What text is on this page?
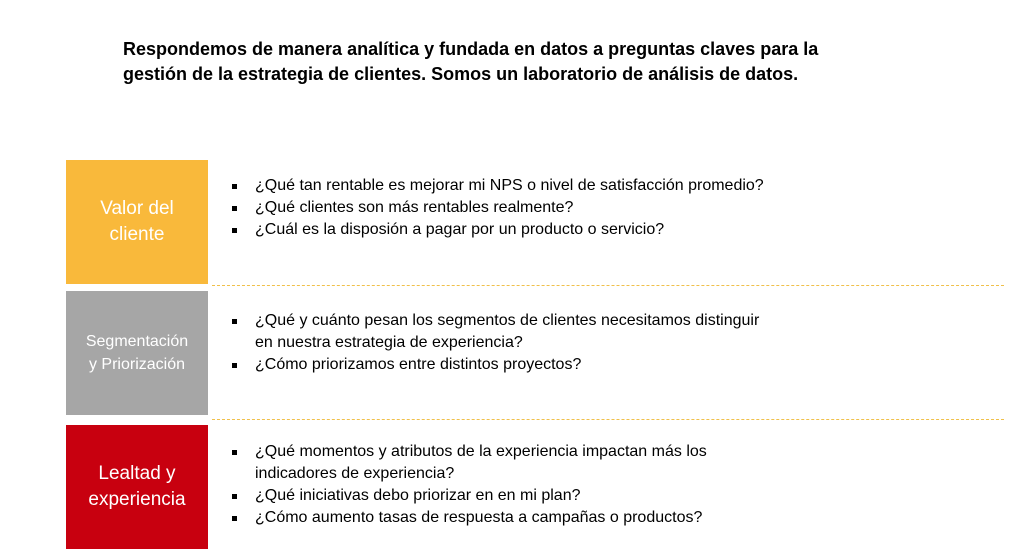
Respondemos de manera analítica y fundada en datos a preguntas claves para la
gestión de la estrategia de clientes. Somos un laboratorio de análisis de datos.
Valor del
cliente
¿Qué tan rentable es mejorar mi NPS o nivel de satisfacción promedio?
¿Qué clientes son más rentables realmente?
¿Cuál es la disposión a pagar por un producto o servicio?
Segmentación
y Priorización
¿Qué y cuánto pesan los segmentos de clientes necesitamos distinguir
en nuestra estrategia de experiencia?
¿Cómo priorizamos entre distintos proyectos?
Lealtad y
experiencia
¿Qué momentos y atributos de la experiencia impactan más los
indicadores de experiencia?
¿Qué iniciativas debo priorizar en en mi plan?
¿Cómo aumento tasas de respuesta a campañas o productos?
